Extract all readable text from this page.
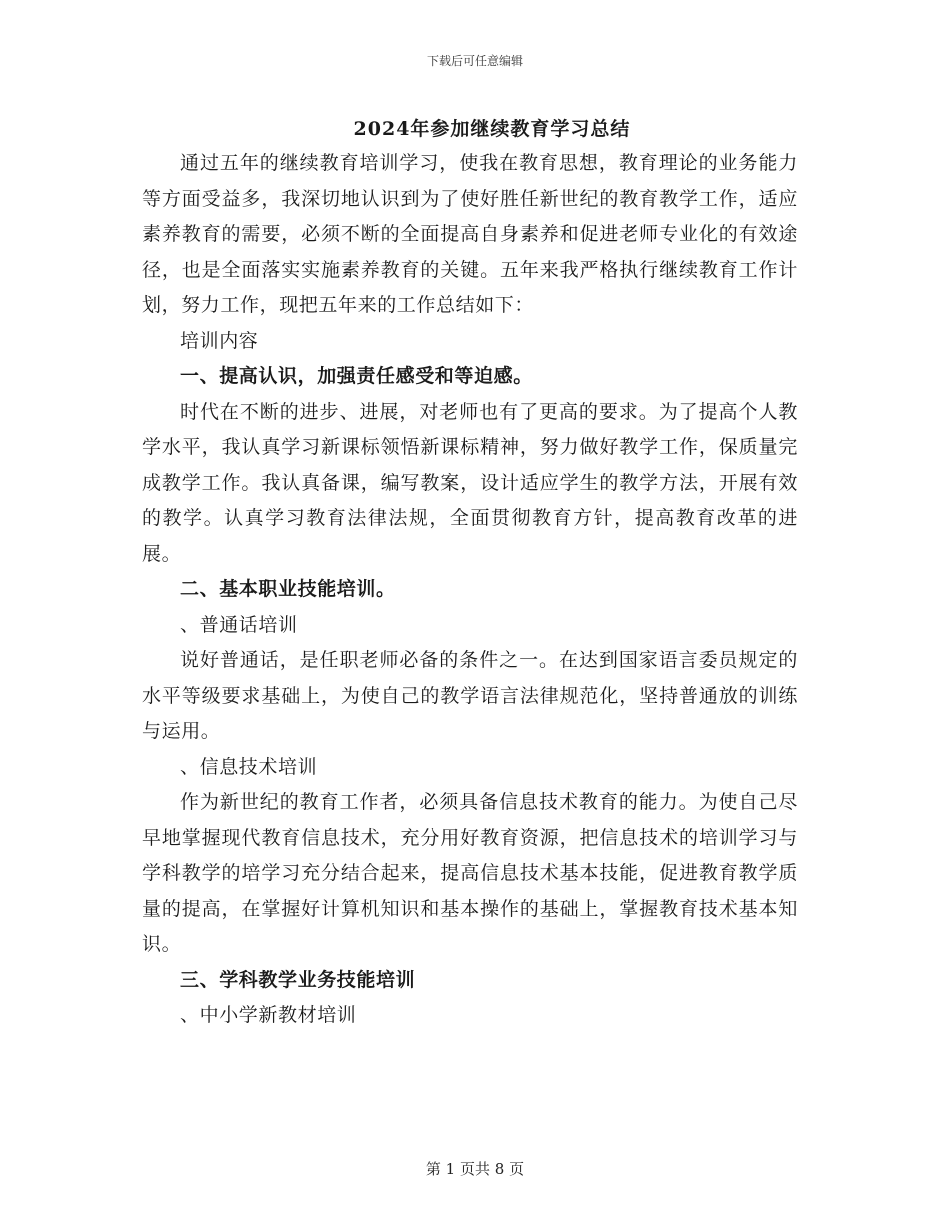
下载后可任意编辑
2024年参加继续教育学习总结

通过五年的继续教育培训学习，使我在教育思想，教育理论的业务能力等方面受益多，我深切地认识到为了使好胜任新世纪的教育教学工作，适应素养教育的需要，必须不断的全面提高自身素养和促进老师专业化的有效途径，也是全面落实实施素养教育的关键。五年来我严格执行继续教育工作计划，努力工作，现把五年来的工作总结如下：

培训内容

一、提高认识，加强责任感受和等迫感。

时代在不断的进步、进展，对老师也有了更高的要求。为了提高个人教学水平，我认真学习新课标领悟新课标精神，努力做好教学工作，保质量完成教学工作。我认真备课，编写教案，设计适应学生的教学方法，开展有效的教学。认真学习教育法律法规，全面贯彻教育方针，提高教育改革的进展。

二、基本职业技能培训。

、普通话培训

说好普通话，是任职老师必备的条件之一。在达到国家语言委员规定的水平等级要求基础上，为使自己的教学语言法律规范化，坚持普通放的训练与运用。

、信息技术培训

作为新世纪的教育工作者，必须具备信息技术教育的能力。为使自己尽早地掌握现代教育信息技术，充分用好教育资源，把信息技术的培训学习与学科教学的培学习充分结合起来，提高信息技术基本技能，促进教育教学质量的提高，在掌握好计算机知识和基本操作的基础上，掌握教育技术基本知识。

三、学科教学业务技能培训

、中小学新教材培训

第 1 页共 8 页
